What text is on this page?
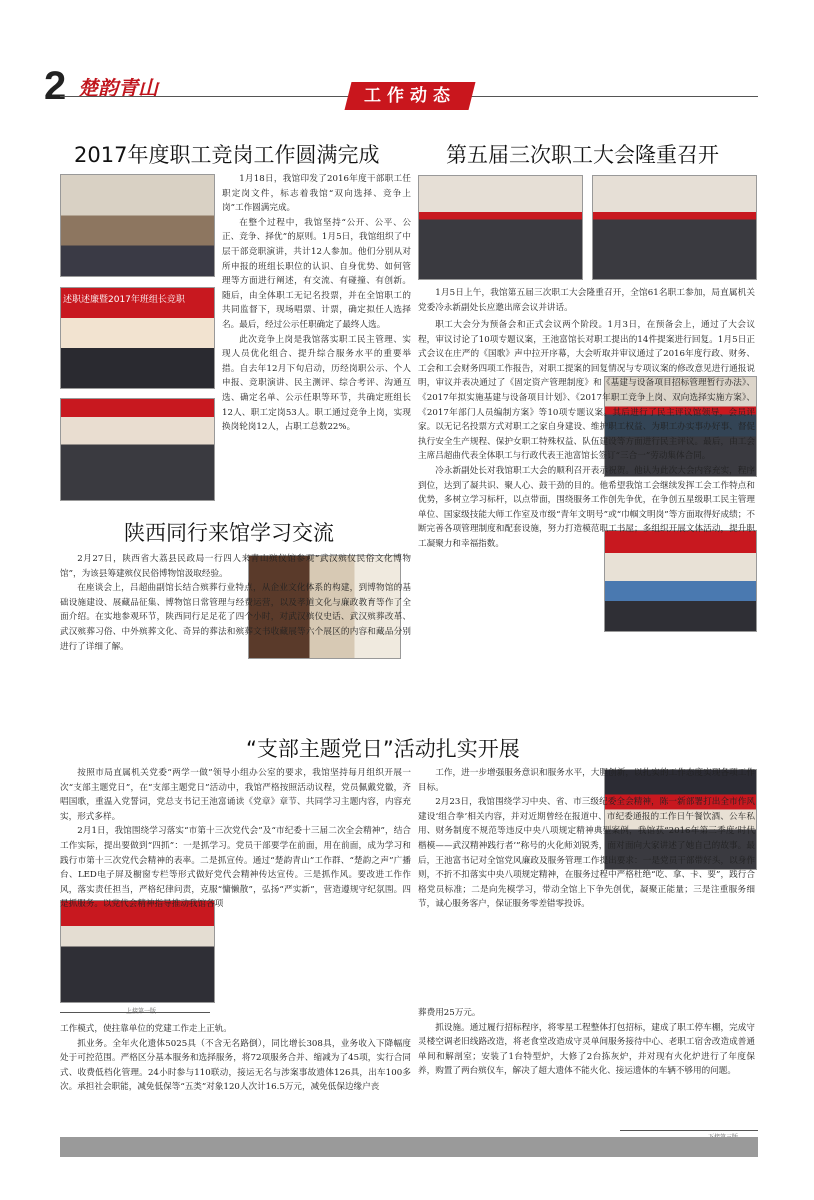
2 楚韵青山	工作动态
2017年度职工竞岗工作圆满完成
述职述廉暨2017年班组长竞职

1月18日，我馆印发了2016年度干部职工任职定岗文件，标志着我馆“双向选择、竞争上岗”工作圆满完成。

在整个过程中，我馆坚持“公开、公平、公正、竞争、择优”的原则。1月5日，我馆组织了中层干部竞职演讲，共计12人参加。他们分别从对所申报的班组长职位的认识、自身优势、如何管理等方面进行阐述，有交流、有碰撞、有创新。随后，由全体职工无记名投票，并在全馆职工的共同监督下，现场唱票、计票，确定拟任人选择名。最后，经过公示任职确定了最终人选。

此次竞争上岗是我馆落实职工民主管理、实现人员优化组合、提升综合服务水平的重要举措。自去年12月下旬启动，历经岗职公示、个人申报、竞职演讲、民主测评、综合考评、沟通互选、确定名单、公示任职等环节，共确定班组长12人、职工定岗53人。职工通过竞争上岗，实现换岗轮岗12人，占职工总数22%。

第五届三次职工大会隆重召开

1月5日上午，我馆第五届三次职工大会隆重召开，全馆61名职工参加，局直属机关党委冷永新副处长应邀出席会议并讲话。

职工大会分为预备会和正式会议两个阶段。1月3日，在预备会上，通过了大会议程，审议讨论了10项专题议案，王池富馆长对职工提出的14件提案进行回复。1月5日正式会议在庄严的《国歌》声中拉开序幕，大会听取并审议通过了2016年度行政、财务、工会和工会财务四项工作报告，对职工提案的回复情况与专项议案的修改意见进行通报说明，审议并表决通过了《固定资产管理制度》和《基建与设备项目招标管理暂行办法》、《2017年拟实施基建与设备项目计划》、《2017年职工竞争上岗、双向选择实施方案》、《2017年部门人员编制方案》等10项专题议案。其后进行了民主评议馆领导，会员评家。以无记名投票方式对职工之家自身建设、维护职工权益、为职工办实事办好事、督促执行安全生产规程、保护女职工特殊权益、队伍建设等方面进行民主评议。最后，由工会主席吕超曲代表全体职工与行政代表王池富馆长签订“三合一”劳动集体合同。

冷永新副处长对我馆职工大会的顺利召开表示祝贺。他认为此次大会内容充实，程序到位，达到了凝共识、聚人心、鼓干劲的目的。他希望我馆工会继续发挥工会工作特点和优势，多树立学习标杆，以点带面，围绕服务工作创先争优，在争创五星级职工民主管理单位、国家级技能大师工作室及市级“青年文明号”或“巾帼文明岗”等方面取得好成绩；不断完善各项管理制度和配套设施，努力打造模范职工书屋；多组织开展文体活动，提升职工凝聚力和幸福指数。

陕西同行来馆学习交流

2月27日，陕西省大荔县民政局一行四人来青山殡仪馆参观“武汉殡仪民俗文化博物馆”，为该县筹建殡仪民俗博物馆汲取经验。

在座谈会上，吕超曲副馆长结合殡葬行业特点，从企业文化体系的构建，到博物馆的基础设施建设、展藏品征集、博物馆日常管理与经费运营，以及孝道文化与廉政教育等作了全面介绍。在实地参观环节，陕西同行足足花了四个小时，对武汉殡仪史话、武汉殡葬改革、武汉殡葬习俗、中外殡葬文化、奇异的葬法和殡葬文书收藏展等六个展区的内容和藏品分别进行了详细了解。

“支部主题党日”活动扎实开展

按照市局直属机关党委“两学一做”领导小组办公室的要求，我馆坚持每月组织开展一次“支部主题党日”，在“支部主题党日”活动中，我馆严格按照活动议程，党员佩戴党徽，齐唱国歌，重温入党誓词，党总支书记王池富诵读《党章》章节、共同学习主题内容，内容充实，形式多样。

2月1日，我馆围绕学习落实“市第十三次党代会”及“市纪委十三届二次全会精神”，结合工作实际，提出要做到“四抓”：一是抓学习。党员干部要学在前面，用在前面，成为学习和践行市第十三次党代会精神的表率。二是抓宣传。通过“楚韵青山”工作群、“楚韵之声”广播台、LED电子屏及橱窗专栏等形式做好党代会精神传达宣传。三是抓作风。要改进工作作风，落实责任担当，严格纪律问责，克服“慵懒散”，弘扬“严实新”，营造遵规守纪氛围。四是抓服务。以党代会精神指导推动我馆各项

工作，进一步增强服务意识和服务水平，大胆创新，以扎实的工作态度实现各项工作目标。

2月23日，我馆围绕学习中央、省、市三级纪委全会精神，陈一新部署打出全市作风建设‘组合拳’相关内容，并对近期曾经在报道中、市纪委通报的工作日午餐饮酒、公车私用、财务制度不规范等违反中央八项规定精神典型案例，我馆获“2016年第三季度‘时代楷模——武汉精神践行者’”称号的火化师刘锐秀，面对面向大家讲述了她自己的故事。最后，王池富书记对全馆党风廉政及服务管理工作提出要求：一是党员干部带好头，以身作则，不折不扣落实中央八项规定精神，在服务过程中严格杜绝“吃、拿、卡、要”，践行合格党员标准；二是向先模学习，带动全馆上下争先创优，凝聚正能量；三是注重服务细节，诚心服务客户，保证服务零差错零投诉。

上接第一版

工作模式，使拄靠单位的党建工作走上正轨。

抓业务。全年火化遗体5025具（不含无名路倒），同比增长308具，业务收入下降幅度处于可控范围。严格区分基本服务和选择服务，将72项服务合并、缩减为了45项，实行合同式、收费低档化管理。24小时参与110联动，接运无名与涉案事故遗体126具，出车100多次。承担社会职能，减免低保等“五类”对象120人次计16.5万元，减免低保边缘户丧

葬费用25万元。

抓设施。通过履行招标程序，将零星工程整体打包招标，建成了职工停车棚，完成守灵楼空调老旧线路改造，将老食堂改造成守灵单间服务接待中心、老职工宿舍改造成普通单间和解剖室；安装了1台特型炉，大修了2台拣灰炉，并对现有火化炉进行了年度保养，购置了两台殡仪车，解决了超大遗体不能火化、接运遗体的车辆不够用的问题。
